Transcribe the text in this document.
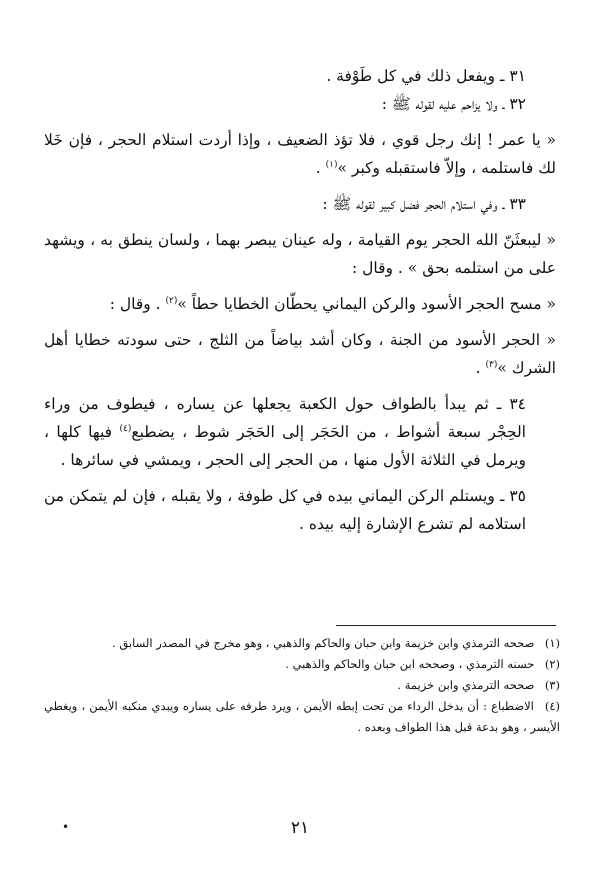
٣١ ـ ويفعل ذلك في كل طَوْفة .

٣٢ ـ ولا يزاحم عليه لقوله ﷺ :

« يا عمر ! إنك رجل قوي ، فلا تؤذ الضعيف ، وإذا أردت استلام الحجر ، فإن خَلا لك فاستلمه ، وإلاّ فاستقبله وكبر »$^{(١)}$ .

٣٣ ـ وفي استلام الحجر فضل كبير لقوله ﷺ :

« ليبعثَنّ الله الحجر يوم القيامة ، وله عينان يبصر بهما ، ولسان ينطق به ، ويشهد على من استلمه بحق » . وقال :

« مسح الحجر الأسود والركن اليماني يحطّان الخطايا حطاً »$^{(٢)}$ . وقال :

« الحجر الأسود من الجنة ، وكان أشد بياضاً من الثلج ، حتى سودته خطايا أهل الشرك »$^{(٣)}$ .

٣٤ ـ ثم يبدأ بالطواف حول الكعبة يجعلها عن يساره ، فيطوف من وراء الحِجْر سبعة أشواط ، من الحَجَر إلى الحَجَر شوط ، يضطبع$^{(٤)}$ فيها كلها ، ويرمل في الثلاثة الأول منها ، من الحجر إلى الحجر ، ويمشي في سائرها .

٣٥ ـ ويستلم الركن اليماني بيده في كل طوفة ، ولا يقبله ، فإن لم يتمكن من استلامه لم تشرع الإشارة إليه بيده .

(١) صححه الترمذي وابن خزيمة وابن حبان والحاكم والذهبي ، وهو مخرج في المصدر السابق .

(٢) حسنه الترمذي ، وصححه ابن حبان والحاكم والذهبي .

(٣) صححه الترمذي وابن خزيمة .

(٤) الاضطباع : أن يدخل الرداء من تحت إبطه الأيمن ، ويرد طرفه على يساره ويبدي منكبه الأيمن ، ويغطي الأيسر ، وهو بدعة قبل هذا الطواف وبعده .

٢١
•
